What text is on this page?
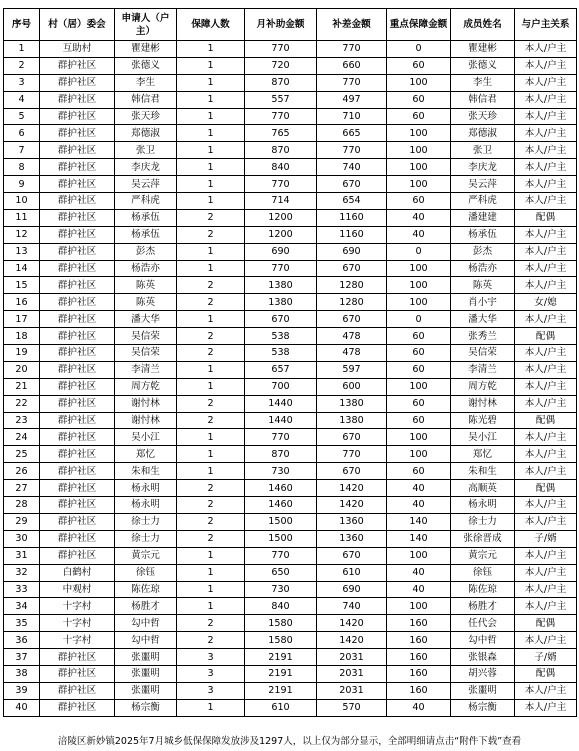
序号	村（居）委会	申请人（户主）	保障人数	月补助金额	补差金额	重点保障金额	成员姓名	与户主关系
1	互助村	瞿建彬	1	770	770	0	瞿建彬	本人/户主
2	群护社区	张德义	1	720	660	60	张德义	本人/户主
3	群护社区	李生	1	870	770	100	李生	本人/户主
4	群护社区	韩信君	1	557	497	60	韩信君	本人/户主
5	群护社区	张天珍	1	770	710	60	张天珍	本人/户主
6	群护社区	郑德淑	1	765	665	100	郑德淑	本人/户主
7	群护社区	张卫	1	870	770	100	张卫	本人/户主
8	群护社区	李庆龙	1	840	740	100	李庆龙	本人/户主
9	群护社区	吴云萍	1	770	670	100	吴云萍	本人/户主
10	群护社区	严科虎	1	714	654	60	严科虎	本人/户主
11	群护社区	杨承伍	2	1200	1160	40	潘建建	配偶
12	群护社区	杨承伍	2	1200	1160	40	杨承伍	本人/户主
13	群护社区	彭杰	1	690	690	0	彭杰	本人/户主
14	群护社区	杨浩亦	1	770	670	100	杨浩亦	本人/户主
15	群护社区	陈英	2	1380	1280	100	陈英	本人/户主
16	群护社区	陈英	2	1380	1280	100	肖小宇	女/媳
17	群护社区	潘大华	1	670	670	0	潘大华	本人/户主
18	群护社区	吴信荣	2	538	478	60	张秀兰	配偶
19	群护社区	吴信荣	2	538	478	60	吴信荣	本人/户主
20	群护社区	李清兰	1	657	597	60	李清兰	本人/户主
21	群护社区	周方乾	1	700	600	100	周方乾	本人/户主
22	群护社区	谢忖林	2	1440	1380	60	谢忖林	本人/户主
23	群护社区	谢忖林	2	1440	1380	60	陈光碧	配偶
24	群护社区	吴小江	1	770	670	100	吴小江	本人/户主
25	群护社区	郑忆	1	870	770	100	郑忆	本人/户主
26	群护社区	朱和生	1	730	670	60	朱和生	本人/户主
27	群护社区	杨永明	2	1460	1420	40	高顺英	配偶
28	群护社区	杨永明	2	1460	1420	40	杨永明	本人/户主
29	群护社区	徐士力	2	1500	1360	140	徐士力	本人/户主
30	群护社区	徐士力	2	1500	1360	140	张徐晋成	子/婿
31	群护社区	黄宗元	1	770	670	100	黄宗元	本人/户主
32	白鹤村	徐钰	1	650	610	40	徐钰	本人/户主
33	中观村	陈佐琼	1	730	690	40	陈佐琼	本人/户主
34	十字村	杨胜才	1	840	740	100	杨胜才	本人/户主
35	十字村	勾中哲	2	1580	1420	160	任代会	配偶
36	十字村	勾中哲	2	1580	1420	160	勾中哲	本人/户主
37	群护社区	张噩明	3	2191	2031	160	张银森	子/婿
38	群护社区	张噩明	3	2191	2031	160	胡兴蓉	配偶
39	群护社区	张噩明	3	2191	2031	160	张噩明	本人/户主
40	群护社区	杨宗衡	1	610	570	40	杨宗衡	本人/户主
涪陵区新妙镇2025年7月城乡低保保障发放涉及1297人，以上仅为部分显示，全部明细请点击“附件下载”查看
